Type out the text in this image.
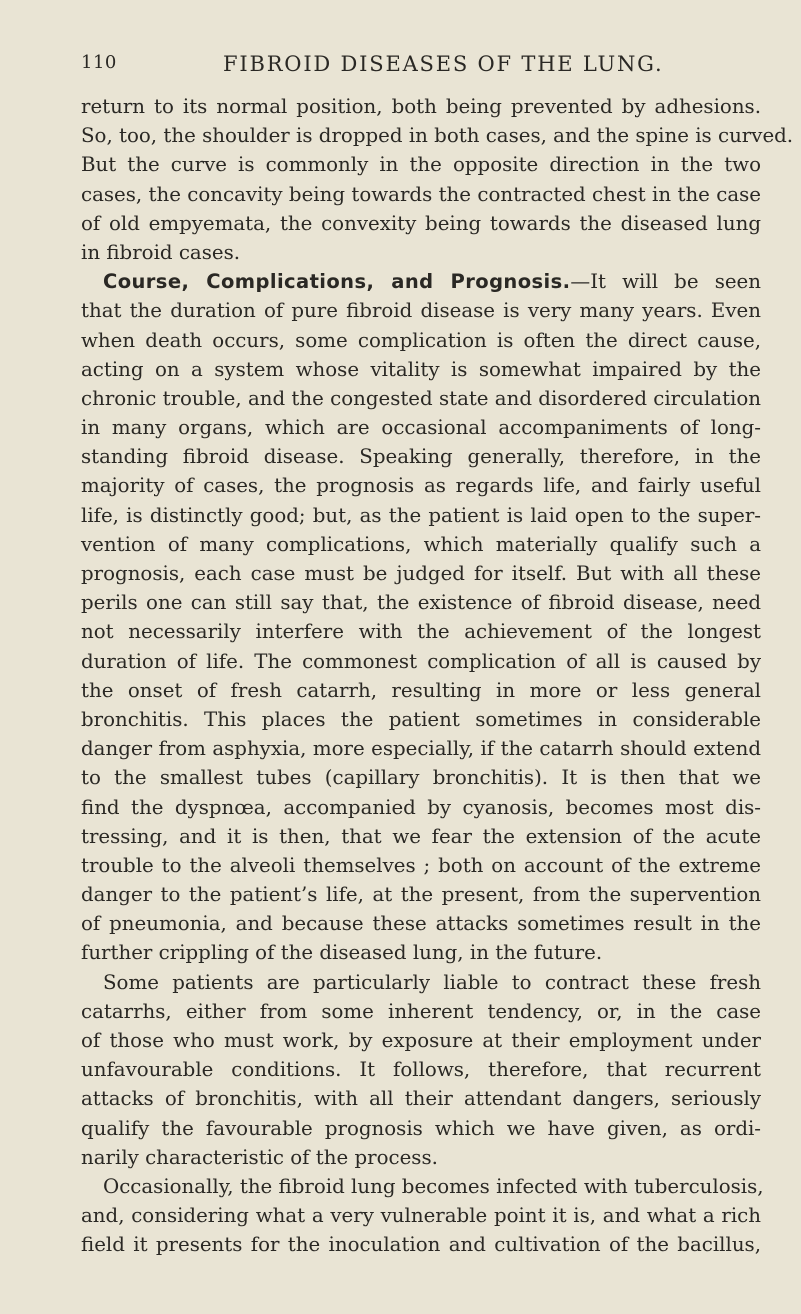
110	FIBROID DISEASES OF THE LUNG.
return to its normal position, both being prevented by adhesions.
So, too, the shoulder is dropped in both cases, and the spine is curved.
But the curve is commonly in the opposite direction in the two
cases, the concavity being towards the contracted chest in the case
of old empyemata, the convexity being towards the diseased lung
in fibroid cases.
Course, Complications, and Prognosis.—It will be seen
that the duration of pure fibroid disease is very many years. Even
when death occurs, some complication is often the direct cause,
acting on a system whose vitality is somewhat impaired by the
chronic trouble, and the congested state and disordered circulation
in many organs, which are occasional accompaniments of long-
standing fibroid disease. Speaking generally, therefore, in the
majority of cases, the prognosis as regards life, and fairly useful
life, is distinctly good; but, as the patient is laid open to the super-
vention of many complications, which materially qualify such a
prognosis, each case must be judged for itself. But with all these
perils one can still say that, the existence of fibroid disease, need
not necessarily interfere with the achievement of the longest
duration of life. The commonest complication of all is caused by
the onset of fresh catarrh, resulting in more or less general
bronchitis. This places the patient sometimes in considerable
danger from asphyxia, more especially, if the catarrh should extend
to the smallest tubes (capillary bronchitis). It is then that we
find the dyspnœa, accompanied by cyanosis, becomes most dis-
tressing, and it is then, that we fear the extension of the acute
trouble to the alveoli themselves ; both on account of the extreme
danger to the patient’s life, at the present, from the supervention
of pneumonia, and because these attacks sometimes result in the
further crippling of the diseased lung, in the future.
Some patients are particularly liable to contract these fresh
catarrhs, either from some inherent tendency, or, in the case
of those who must work, by exposure at their employment under
unfavourable conditions. It follows, therefore, that recurrent
attacks of bronchitis, with all their attendant dangers, seriously
qualify the favourable prognosis which we have given, as ordi-
narily characteristic of the process.
Occasionally, the fibroid lung becomes infected with tuberculosis,
and, considering what a very vulnerable point it is, and what a rich
field it presents for the inoculation and cultivation of the bacillus,
